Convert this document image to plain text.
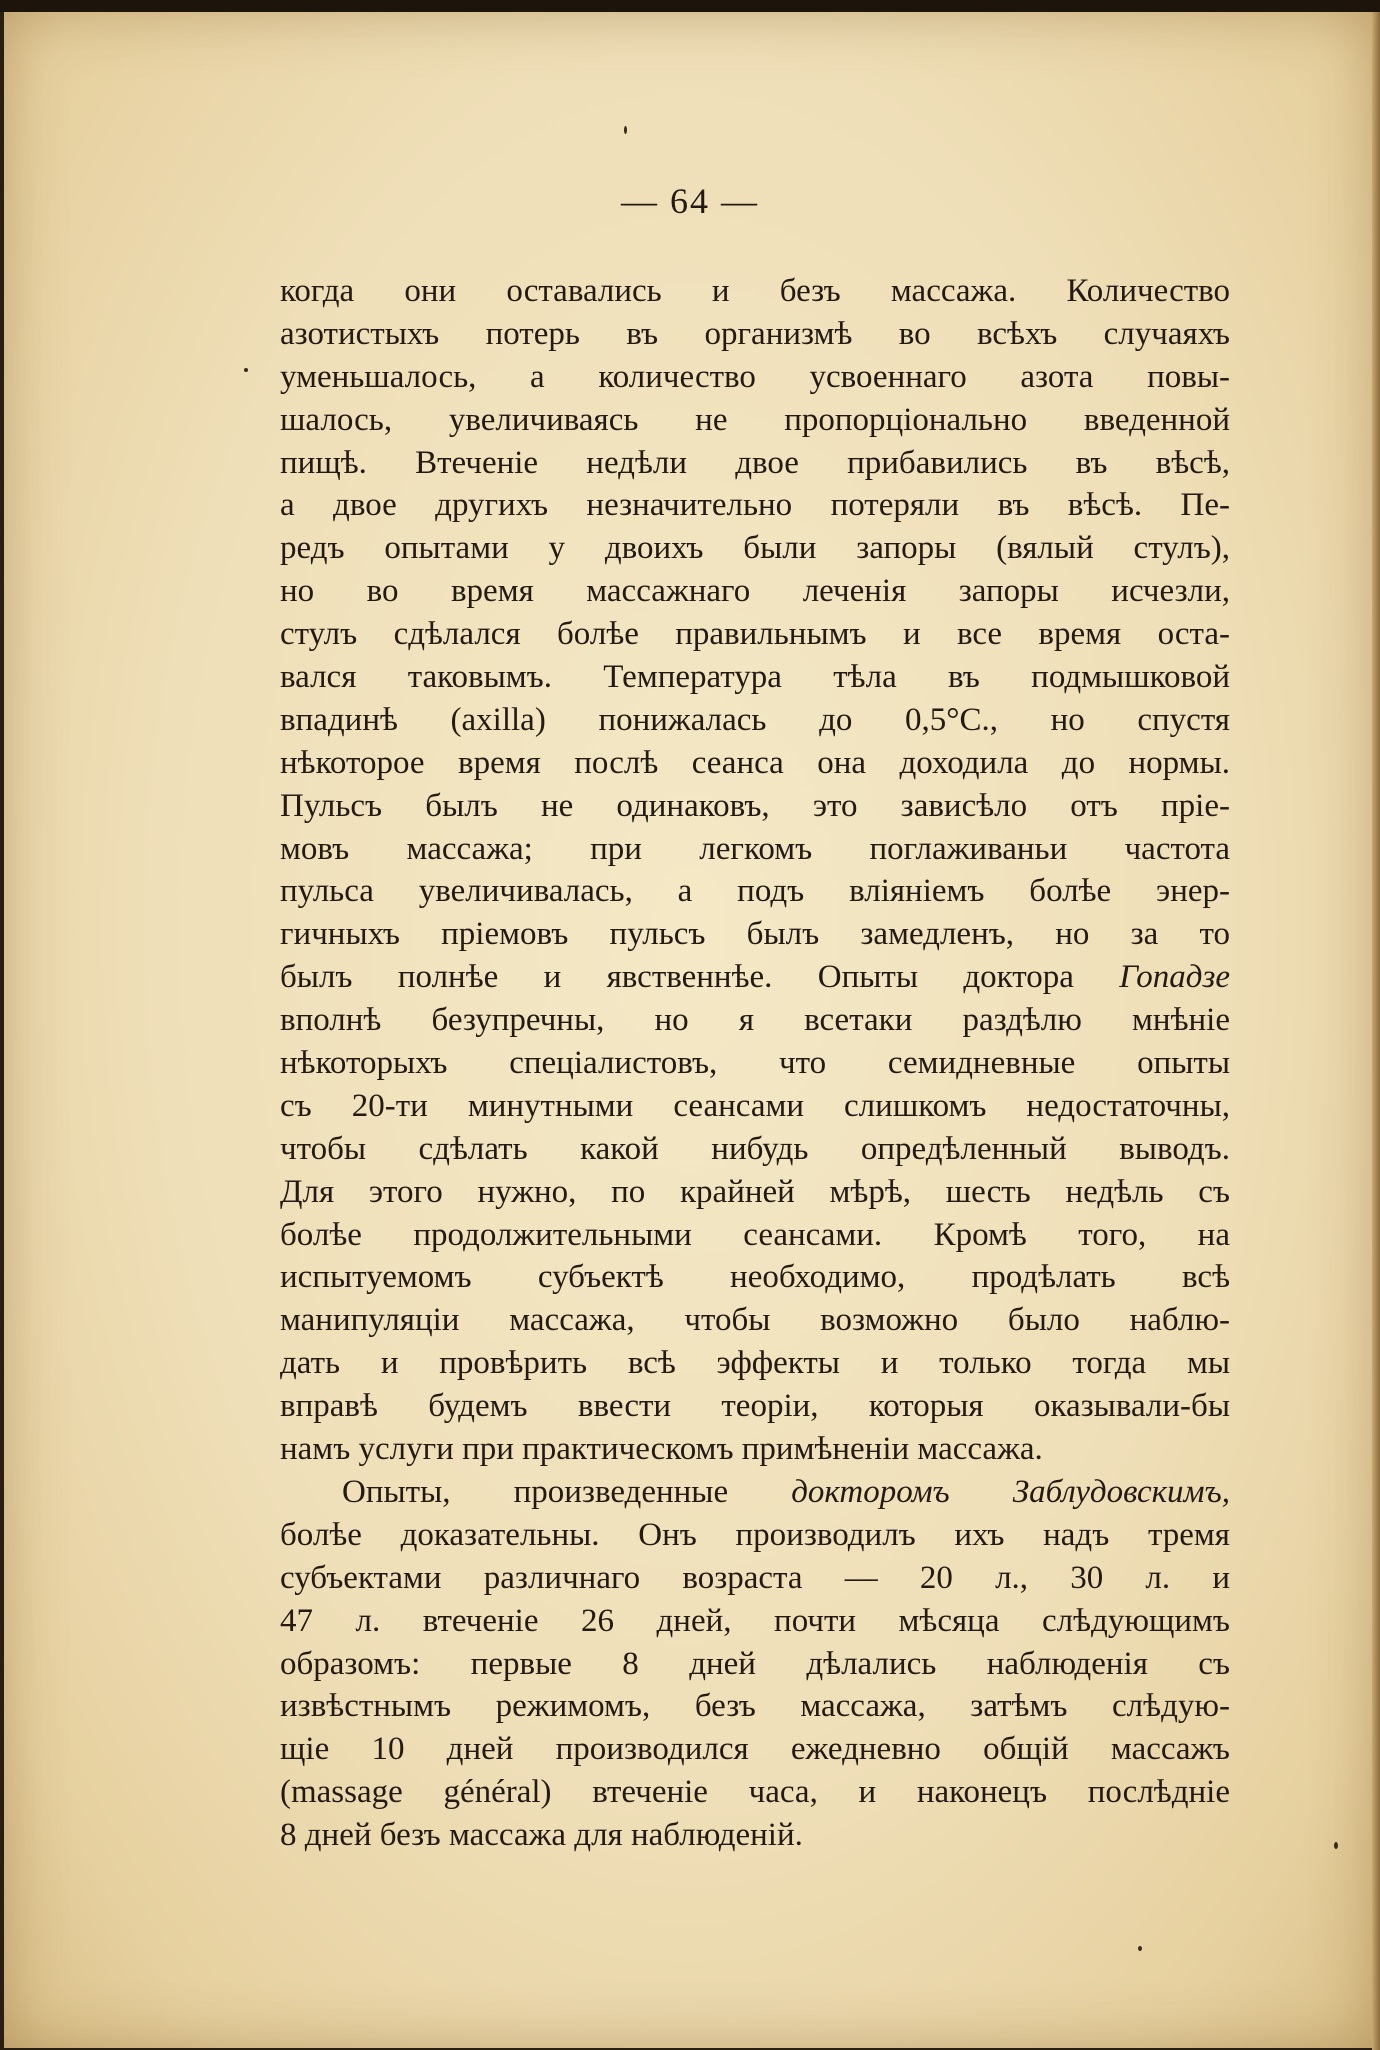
— 64 —
когда они оставались и безъ массажа. Количество
азотистыхъ потерь въ организмѣ во всѣхъ случаяхъ
уменьшалось, а количество усвоеннаго азота повы-
шалось, увеличиваясь не пропорціонально введенной
пищѣ. Втеченіе недѣли двое прибавились въ вѣсѣ,
а двое другихъ незначительно потеряли въ вѣсѣ. Пе-
редъ опытами у двоихъ были запоры (вялый стулъ),
но во время массажнаго леченія запоры исчезли,
стулъ сдѣлался болѣе правильнымъ и все время оста-
вался таковымъ. Температура тѣла въ подмышковой
впадинѣ (axilla) понижалась до 0,5°С., но спустя
нѣкоторое время послѣ сеанса она доходила до нормы.
Пульсъ былъ не одинаковъ, это зависѣло отъ пріе-
мовъ массажа; при легкомъ поглаживаньи частота
пульса увеличивалась, а подъ вліяніемъ болѣе энер-
гичныхъ пріемовъ пульсъ былъ замедленъ, но за то
былъ полнѣе и явственнѣе. Опыты доктора Гопадзе
вполнѣ безупречны, но я всетаки раздѣлю мнѣніе
нѣкоторыхъ спеціалистовъ, что семидневные опыты
съ 20-ти минутными сеансами слишкомъ недостаточны,
чтобы сдѣлать какой нибудь опредѣленный выводъ.
Для этого нужно, по крайней мѣрѣ, шесть недѣль съ
болѣе продолжительными сеансами. Кромѣ того, на
испытуемомъ субъектѣ необходимо, продѣлать всѣ
манипуляціи массажа, чтобы возможно было наблю-
дать и провѣрить всѣ эффекты и только тогда мы
вправѣ будемъ ввести теоріи, которыя оказывали-бы
намъ услуги при практическомъ примѣненіи массажа.
Опыты, произведенные докторомъ Заблудовскимъ,
болѣе доказательны. Онъ производилъ ихъ надъ тремя
субъектами различнаго возраста — 20 л., 30 л. и
47 л. втеченіе 26 дней, почти мѣсяца слѣдующимъ
образомъ: первые 8 дней дѣлались наблюденія съ
извѣстнымъ режимомъ, безъ массажа, затѣмъ слѣдую-
щіе 10 дней производился ежедневно общій массажъ
(massage général) втеченіе часа, и наконецъ послѣдніе
8 дней безъ массажа для наблюденій.
